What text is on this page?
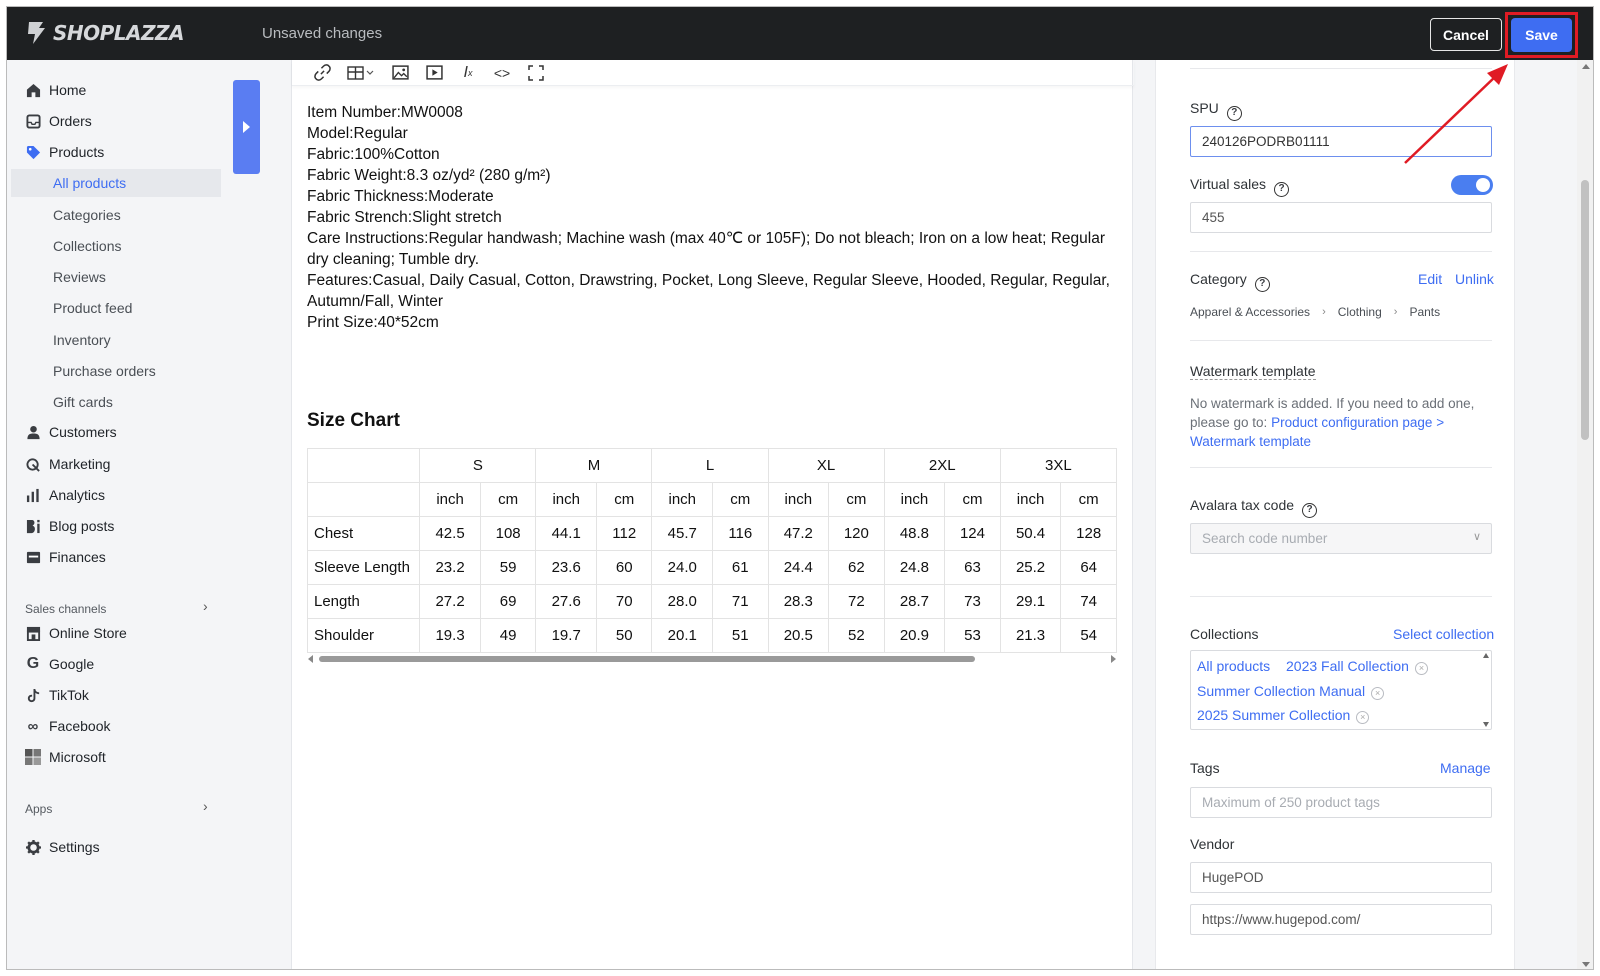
SHOPLAZZA	Unsaved changes	Cancel	Save
Home
Orders
Products
All products
Categories
Collections
Reviews
Product feed
Inventory
Purchase orders
Gift cards
Customers
Marketing
Analytics
Blog posts
Finances
Sales channels	›
Online Store
G Google
TikTok
∞ Facebook
Microsoft
Apps	›
Settings
I x <>
Item Number:MW0008
Model:Regular
Fabric:100%Cotton
Fabric Weight:8.3 oz/yd² (280 g/m²)
Fabric Thickness:Moderate
Fabric Strench:Slight stretch
Care Instructions:Regular handwash; Machine wash (max 40℃ or 105F); Do not bleach; Iron on a low heat; Regular dry cleaning; Tumble dry.
Features:Casual, Daily Casual, Cotton, Drawstring, Pocket, Long Sleeve, Regular Sleeve, Hooded, Regular, Regular, Autumn/Fall, Winter
Print Size:40*52cm
Size Chart
	S		M		L		XL		2XL		3XL	
	inch	cm	inch	cm	inch	cm	inch	cm	inch	cm	inch	cm
Chest	42.5	108	44.1	112	45.7	116	47.2	120	48.8	124	50.4	128
Sleeve Length	23.2	59	23.6	60	24.0	61	24.4	62	24.8	63	25.2	64
Length	27.2	69	27.6	70	28.0	71	28.3	72	28.7	73	29.1	74
Shoulder	19.3	49	19.7	50	20.1	51	20.5	52	20.9	53	21.3	54
SPU ?
240126PODRB01111
Virtual sales ?
455
Category ?	Edit Unlink
Apparel & Accessories › Clothing › Pants
Watermark template
No watermark is added. If you need to add one, please go to: Product configuration page > Watermark template
Avalara tax code ?
Search code number	∨
Collections	Select collection
All products 2023 Fall Collection ×
Summer Collection Manual ×
2025 Summer Collection ×
Tags	Manage
Maximum of 250 product tags
Vendor
HugePOD
https://www.hugepod.com/
